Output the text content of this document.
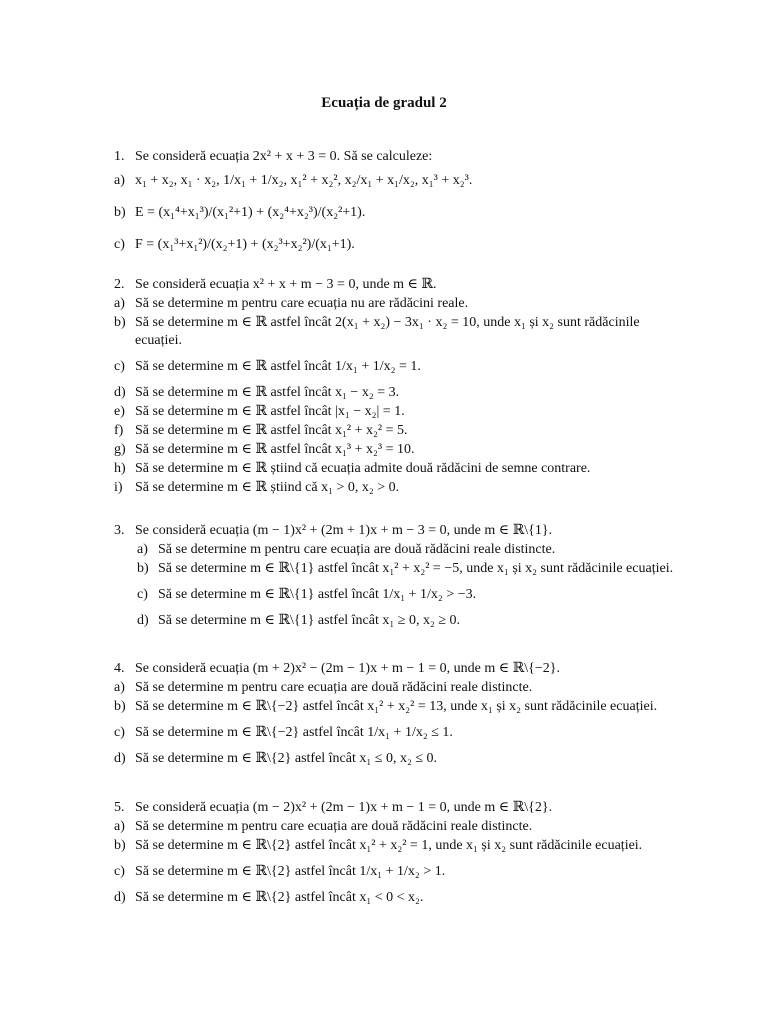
Ecuația de gradul 2
1. Se consideră ecuația 2x² + x + 3 = 0. Să se calculeze:
a) x₁ + x₂, x₁ · x₂, 1/x₁ + 1/x₂, x₁² + x₂², x₂/x₁ + x₁/x₂, x₁³ + x₂³.
b) E = (x₁⁴+x₁³)/(x₁²+1) + (x₂⁴+x₂³)/(x₂²+1).
c) F = (x₁³+x₁²)/(x₂+1) + (x₂³+x₂²)/(x₁+1).
2. Se consideră ecuația x² + x + m − 3 = 0, unde m ∈ ℝ.
a) Să se determine m pentru care ecuația nu are rădăcini reale.
b) Să se determine m ∈ ℝ astfel încât 2(x₁ + x₂) − 3x₁ · x₂ = 10, unde x₁ și x₂ sunt rădăcinile ecuației.
c) Să se determine m ∈ ℝ astfel încât 1/x₁ + 1/x₂ = 1.
d) Să se determine m ∈ ℝ astfel încât x₁ − x₂ = 3.
e) Să se determine m ∈ ℝ astfel încât |x₁ − x₂| = 1.
f) Să se determine m ∈ ℝ astfel încât x₁² + x₂² = 5.
g) Să se determine m ∈ ℝ astfel încât x₁³ + x₂³ = 10.
h) Să se determine m ∈ ℝ știind că ecuația admite două rădăcini de semne contrare.
i) Să se determine m ∈ ℝ știind că x₁ > 0, x₂ > 0.
3. Se consideră ecuația (m − 1)x² + (2m + 1)x + m − 3 = 0, unde m ∈ ℝ\{1}.
a) Să se determine m pentru care ecuația are două rădăcini reale distincte.
b) Să se determine m ∈ ℝ\{1} astfel încât x₁² + x₂² = −5, unde x₁ și x₂ sunt rădăcinile ecuației.
c) Să se determine m ∈ ℝ\{1} astfel încât 1/x₁ + 1/x₂ > −3.
d) Să se determine m ∈ ℝ\{1} astfel încât x₁ ≥ 0, x₂ ≥ 0.
4. Se consideră ecuația (m + 2)x² − (2m − 1)x + m − 1 = 0, unde m ∈ ℝ\{−2}.
a) Să se determine m pentru care ecuația are două rădăcini reale distincte.
b) Să se determine m ∈ ℝ\{−2} astfel încât x₁² + x₂² = 13, unde x₁ și x₂ sunt rădăcinile ecuației.
c) Să se determine m ∈ ℝ\{−2} astfel încât 1/x₁ + 1/x₂ ≤ 1.
d) Să se determine m ∈ ℝ\{2} astfel încât x₁ ≤ 0, x₂ ≤ 0.
5. Se consideră ecuația (m − 2)x² + (2m − 1)x + m − 1 = 0, unde m ∈ ℝ\{2}.
a) Să se determine m pentru care ecuația are două rădăcini reale distincte.
b) Să se determine m ∈ ℝ\{2} astfel încât x₁² + x₂² = 1, unde x₁ și x₂ sunt rădăcinile ecuației.
c) Să se determine m ∈ ℝ\{2} astfel încât 1/x₁ + 1/x₂ > 1.
d) Să se determine m ∈ ℝ\{2} astfel încât x₁ < 0 < x₂.
